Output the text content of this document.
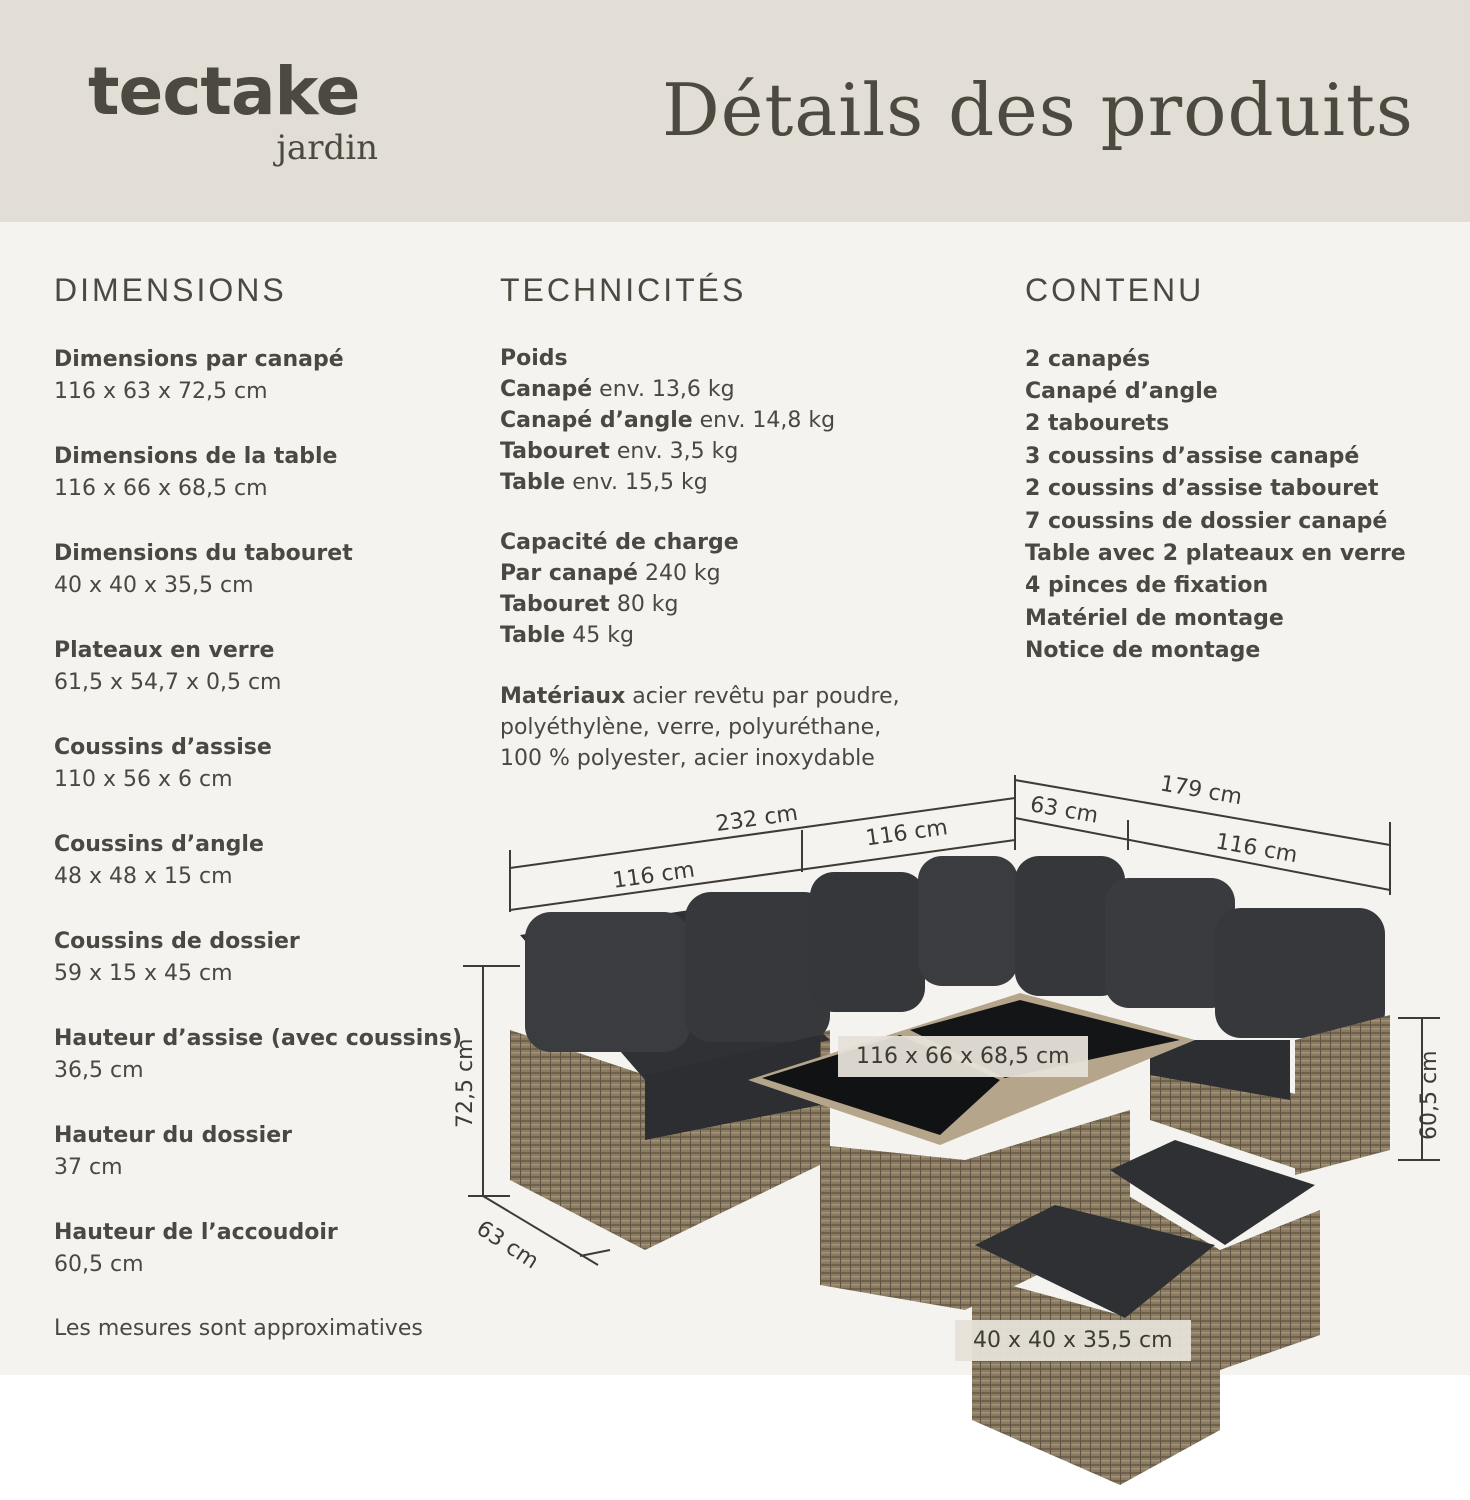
tectake
jardin	Détails des produits
DIMENSIONS
Dimensions par canapé
116 x 63 x 72,5 cm
Dimensions de la table
116 x 66 x 68,5 cm
Dimensions du tabouret
40 x 40 x 35,5 cm
Plateaux en verre
61,5 x 54,7 x 0,5 cm
Coussins d’assise
110 x 56 x 6 cm
Coussins d’angle
48 x 48 x 15 cm
Coussins de dossier
59 x 15 x 45 cm
Hauteur d’assise (avec coussins)
36,5 cm
Hauteur du dossier
37 cm
Hauteur de l’accoudoir
60,5 cm
Les mesures sont approximatives
TECHNICITÉS
Poids
Canapé env. 13,6 kg
Canapé d’angle env. 14,8 kg
Tabouret env. 3,5 kg
Table env. 15,5 kg
Capacité de charge
Par canapé 240 kg
Tabouret 80 kg
Table 45 kg
Matériaux acier revêtu par poudre,
polyéthylène, verre, polyuréthane,
100 % polyester, acier inoxydable
CONTENU
2 canapés
Canapé d’angle
2 tabourets
3 coussins d’assise canapé
2 coussins d’assise tabouret
7 coussins de dossier canapé
Table avec 2 plateaux en verre
4 pinces de fixation
Matériel de montage
Notice de montage
232 cm
116 cm
116 cm
63 cm
179 cm
116 cm
72,5 cm
63 cm
60,5 cm
116 x 66 x 68,5 cm
40 x 40 x 35,5 cm
